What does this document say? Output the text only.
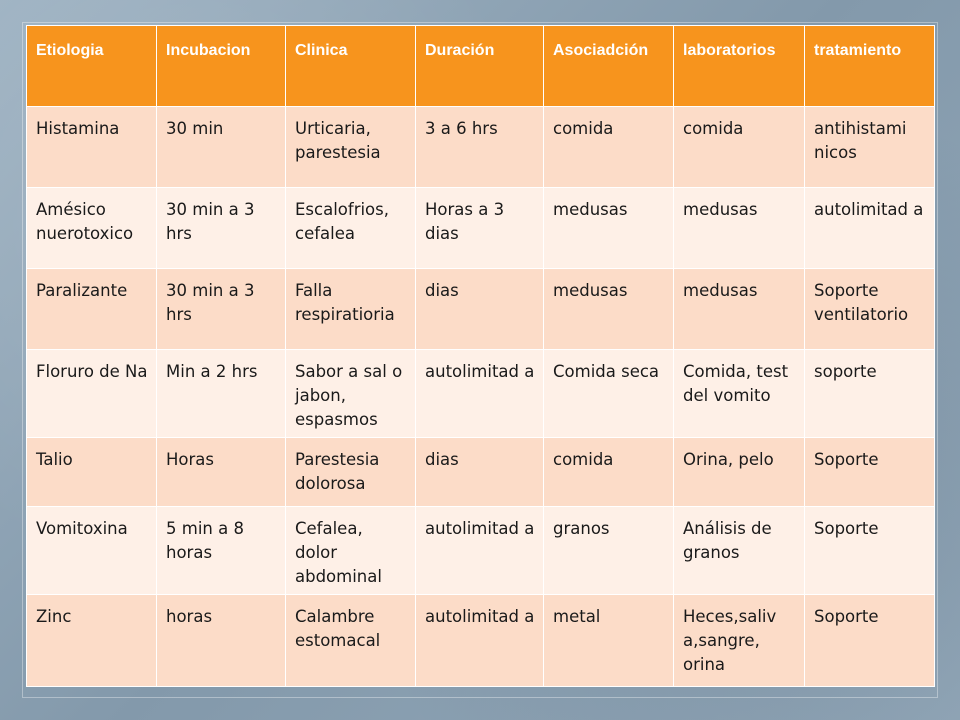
Etiologia	Incubacion	Clinica	Duración	Asociadción	laboratorios	tratamiento
Histamina	30 min	Urticaria, parestesia	3 a 6 hrs	comida	comida	antihistami nicos
Amésico nuerotoxico	30 min a 3 hrs	Escalofrios, cefalea	Horas a 3 dias	medusas	medusas	autolimitad a
Paralizante	30 min a 3 hrs	Falla respiratioria	dias	medusas	medusas	Soporte ventilatorio
Floruro de Na	Min a 2 hrs	Sabor a sal o jabon, espasmos	autolimitad a	Comida seca	Comida, test del vomito	soporte
Talio	Horas	Parestesia dolorosa	dias	comida	Orina, pelo	Soporte
Vomitoxina	5 min a 8 horas	Cefalea, dolor abdominal	autolimitad a	granos	Análisis de granos	Soporte
Zinc	horas	Calambre estomacal	autolimitad a	metal	Heces,saliv a,sangre, orina	Soporte
